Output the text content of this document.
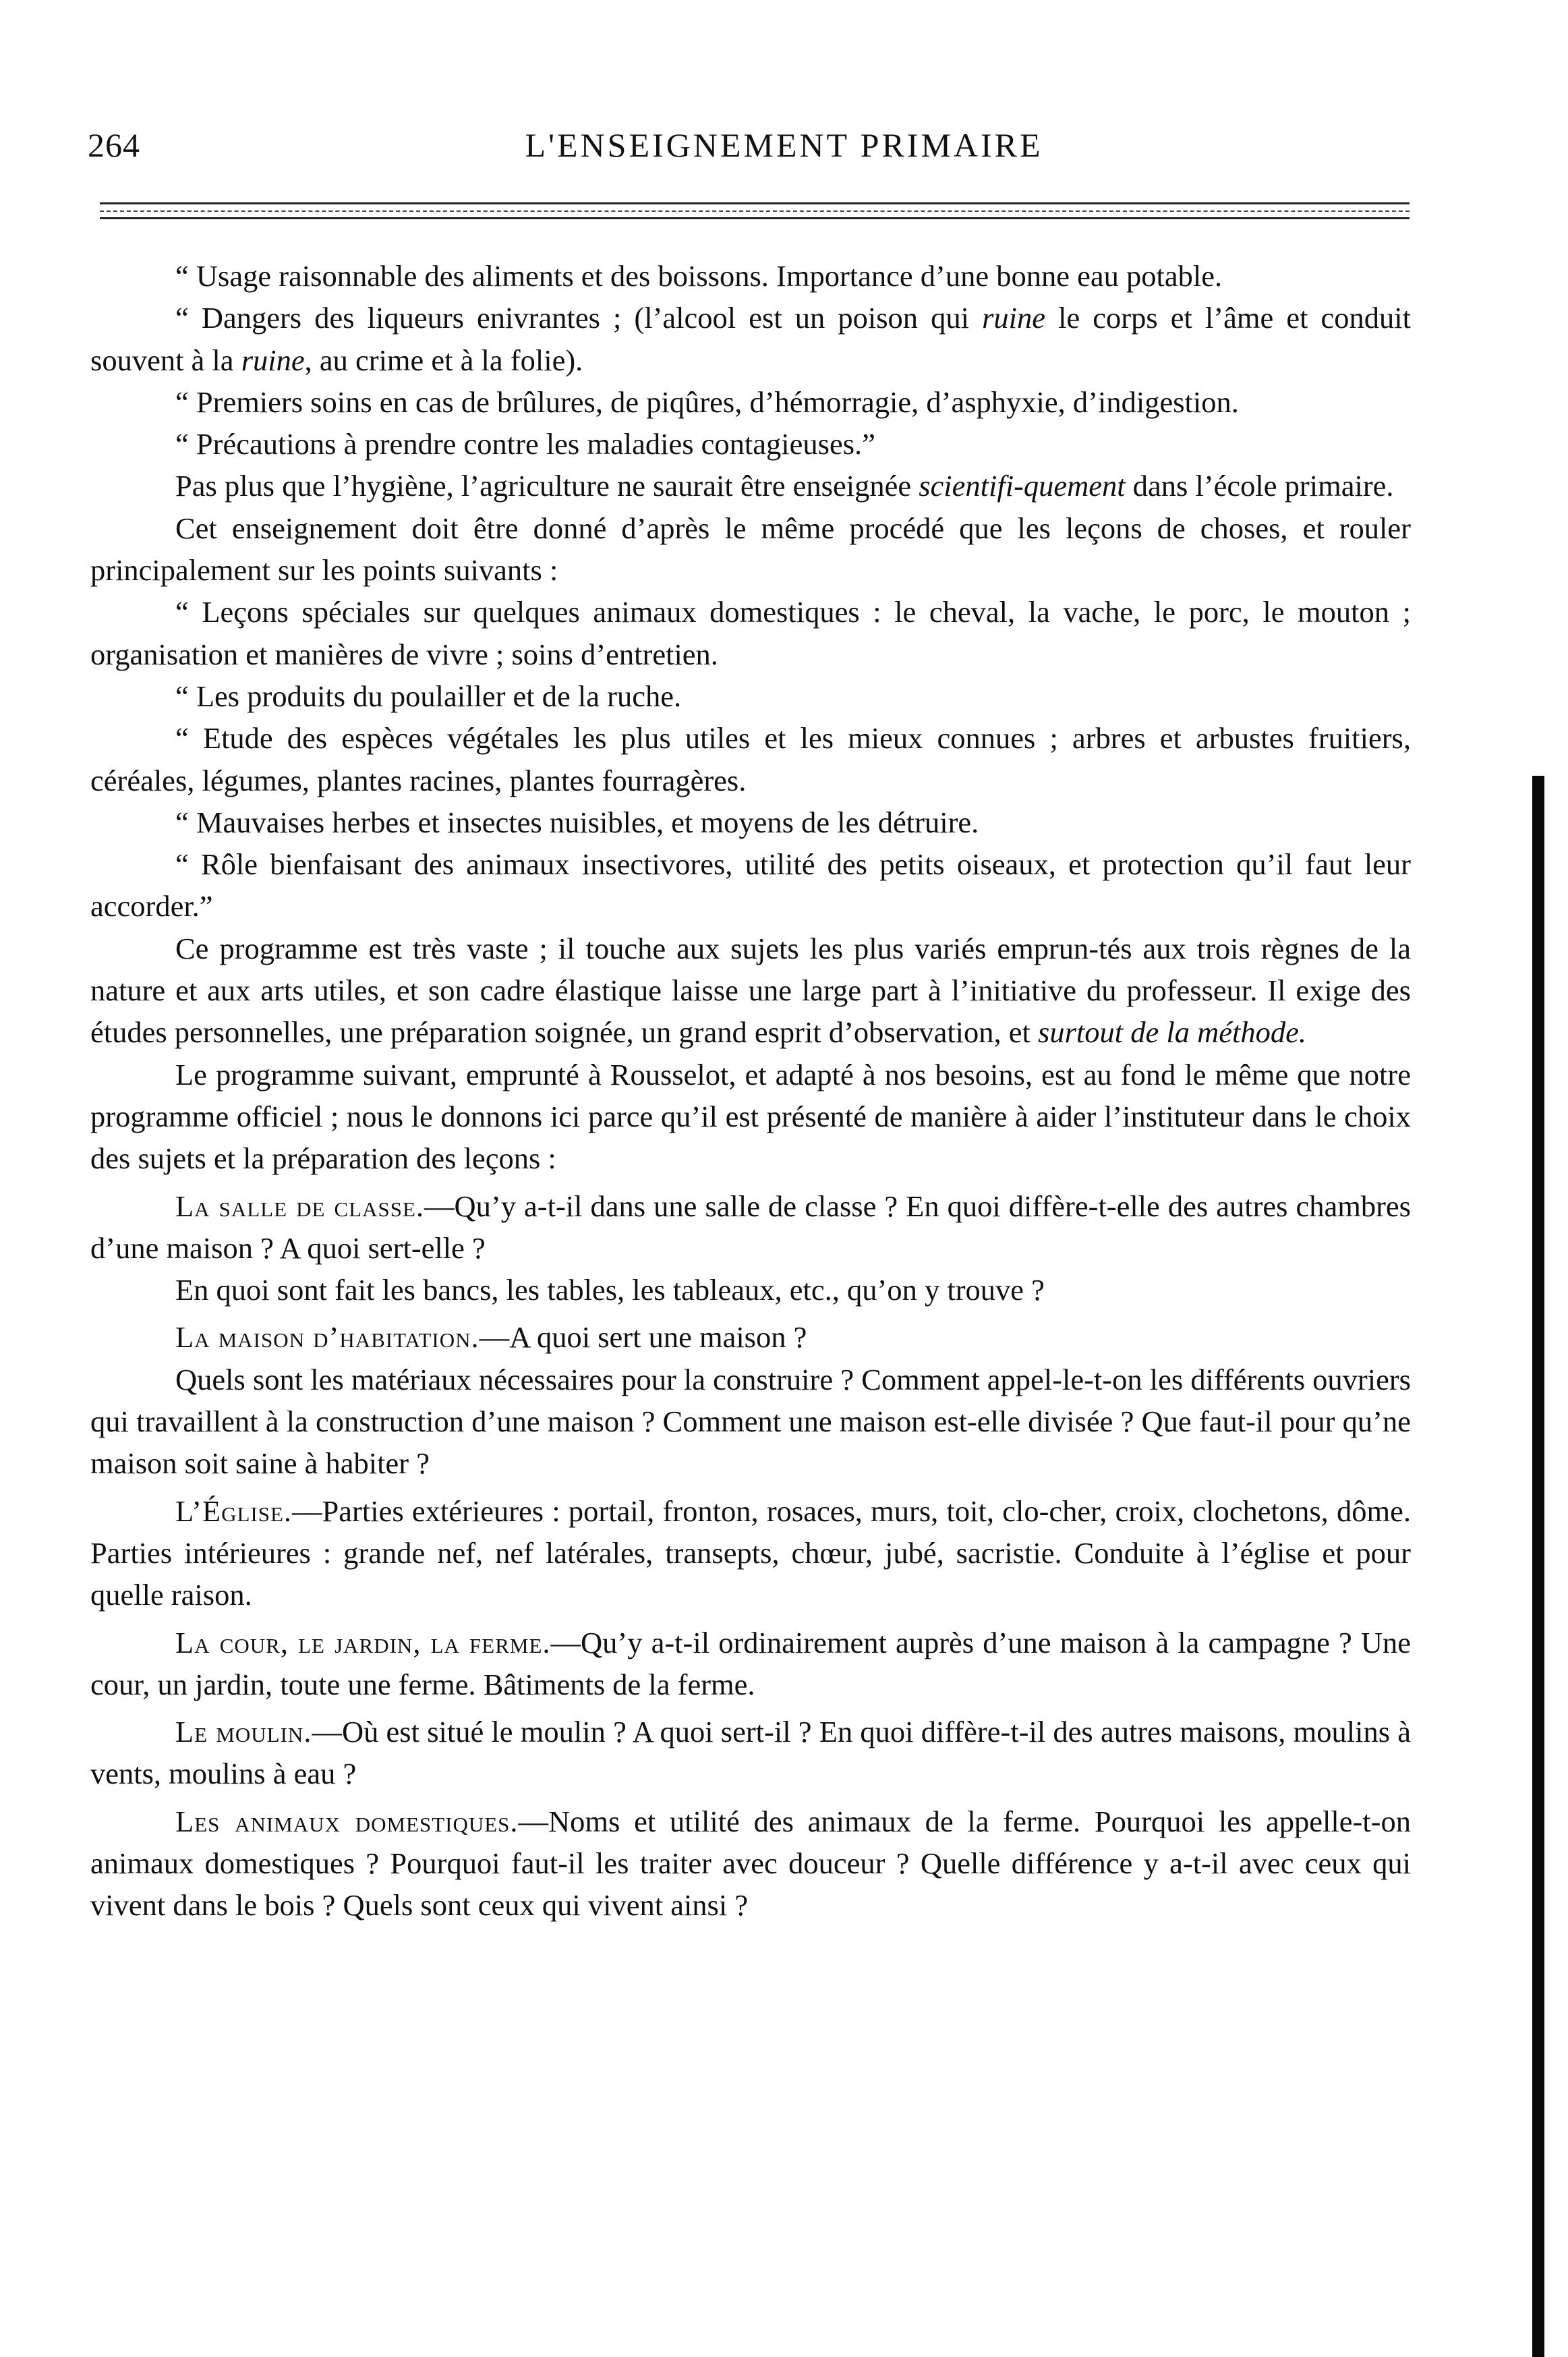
264	L'ENSEIGNEMENT PRIMAIRE

“ Usage raisonnable des aliments et des boissons. Importance d’une bonne eau potable.

“ Dangers des liqueurs enivrantes ; (l’alcool est un poison qui ruine le corps et l’âme et conduit souvent à la ruine, au crime et à la folie).

“ Premiers soins en cas de brûlures, de piqûres, d’hémorragie, d’asphyxie, d’indigestion.

“ Précautions à prendre contre les maladies contagieuses.”

Pas plus que l’hygiène, l’agriculture ne saurait être enseignée scientifi-quement dans l’école primaire.

Cet enseignement doit être donné d’après le même procédé que les leçons de choses, et rouler principalement sur les points suivants :

“ Leçons spéciales sur quelques animaux domestiques : le cheval, la vache, le porc, le mouton ; organisation et manières de vivre ; soins d’entretien.

“ Les produits du poulailler et de la ruche.

“ Etude des espèces végétales les plus utiles et les mieux connues ; arbres et arbustes fruitiers, céréales, légumes, plantes racines, plantes fourragères.

“ Mauvaises herbes et insectes nuisibles, et moyens de les détruire.

“ Rôle bienfaisant des animaux insectivores, utilité des petits oiseaux, et protection qu’il faut leur accorder.”

Ce programme est très vaste ; il touche aux sujets les plus variés emprun-tés aux trois règnes de la nature et aux arts utiles, et son cadre élastique laisse une large part à l’initiative du professeur. Il exige des études personnelles, une préparation soignée, un grand esprit d’observation, et surtout de la méthode.

Le programme suivant, emprunté à Rousselot, et adapté à nos besoins, est au fond le même que notre programme officiel ; nous le donnons ici parce qu’il est présenté de manière à aider l’instituteur dans le choix des sujets et la préparation des leçons :

La salle de classe.—Qu’y a-t-il dans une salle de classe ? En quoi diffère-t-elle des autres chambres d’une maison ? A quoi sert-elle ?

En quoi sont fait les bancs, les tables, les tableaux, etc., qu’on y trouve ?

La maison d’habitation.—A quoi sert une maison ?

Quels sont les matériaux nécessaires pour la construire ? Comment appel-le-t-on les différents ouvriers qui travaillent à la construction d’une maison ? Comment une maison est-elle divisée ? Que faut-il pour qu’ne maison soit saine à habiter ?

L’Église.—Parties extérieures : portail, fronton, rosaces, murs, toit, clo-cher, croix, clochetons, dôme. Parties intérieures : grande nef, nef latérales, transepts, chœur, jubé, sacristie. Conduite à l’église et pour quelle raison.

La cour, le jardin, la ferme.—Qu’y a-t-il ordinairement auprès d’une maison à la campagne ? Une cour, un jardin, toute une ferme. Bâtiments de la ferme.

Le moulin.—Où est situé le moulin ? A quoi sert-il ? En quoi diffère-t-il des autres maisons, moulins à vents, moulins à eau ?

Les animaux domestiques.—Noms et utilité des animaux de la ferme. Pourquoi les appelle-t-on animaux domestiques ? Pourquoi faut-il les traiter avec douceur ? Quelle différence y a-t-il avec ceux qui vivent dans le bois ? Quels sont ceux qui vivent ainsi ?
